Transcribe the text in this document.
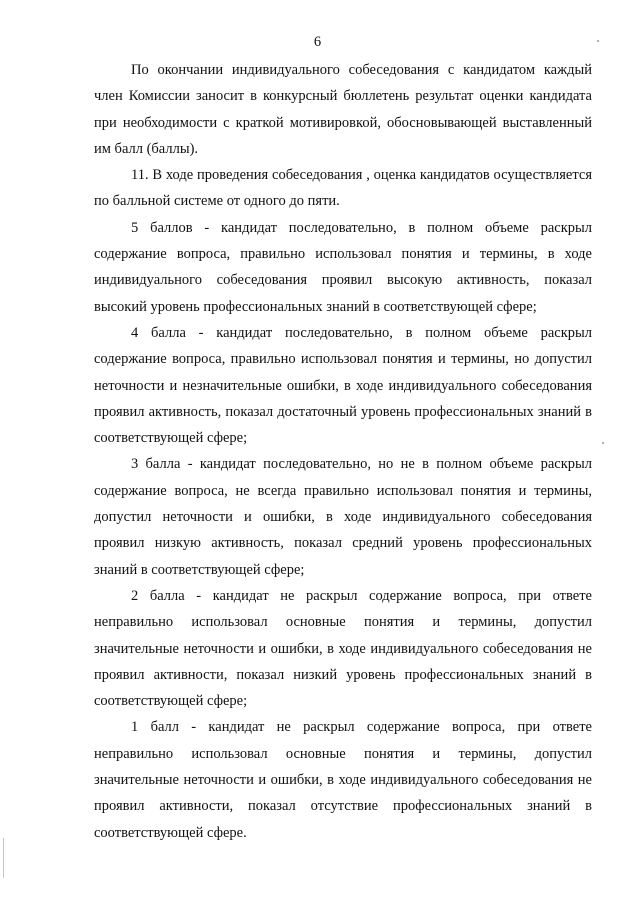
6

По окончании индивидуального собеседования с кандидатом каждый член Комиссии заносит в конкурсный бюллетень результат оценки кандидата при необходимости с краткой мотивировкой, обосновывающей выставленный им балл (баллы).

11. В ходе проведения собеседования , оценка кандидатов осуществляется по балльной системе от одного до пяти.

5 баллов - кандидат последовательно, в полном объеме раскрыл содержание вопроса, правильно использовал понятия и термины, в ходе индивидуального собеседования проявил высокую активность, показал высокий уровень профессиональных знаний в соответствующей сфере;

4 балла - кандидат последовательно, в полном объеме раскрыл содержание вопроса, правильно использовал понятия и термины, но допустил неточности и незначительные ошибки, в ходе индивидуального собеседования проявил активность, показал достаточный уровень профессиональных знаний в соответствующей сфере;

3 балла - кандидат последовательно, но не в полном объеме раскрыл содержание вопроса, не всегда правильно использовал понятия и термины, допустил неточности и ошибки, в ходе индивидуального собеседования проявил низкую активность, показал средний уровень профессиональных знаний в соответствующей сфере;

2 балла - кандидат не раскрыл содержание вопроса, при ответе неправильно использовал основные понятия и термины, допустил значительные неточности и ошибки, в ходе индивидуального собеседования не проявил активности, показал низкий уровень профессиональных знаний в соответствующей сфере;

1 балл - кандидат не раскрыл содержание вопроса, при ответе неправильно использовал основные понятия и термины, допустил значительные неточности и ошибки, в ходе индивидуального собеседования не проявил активности, показал отсутствие профессиональных знаний в соответствующей сфере.
